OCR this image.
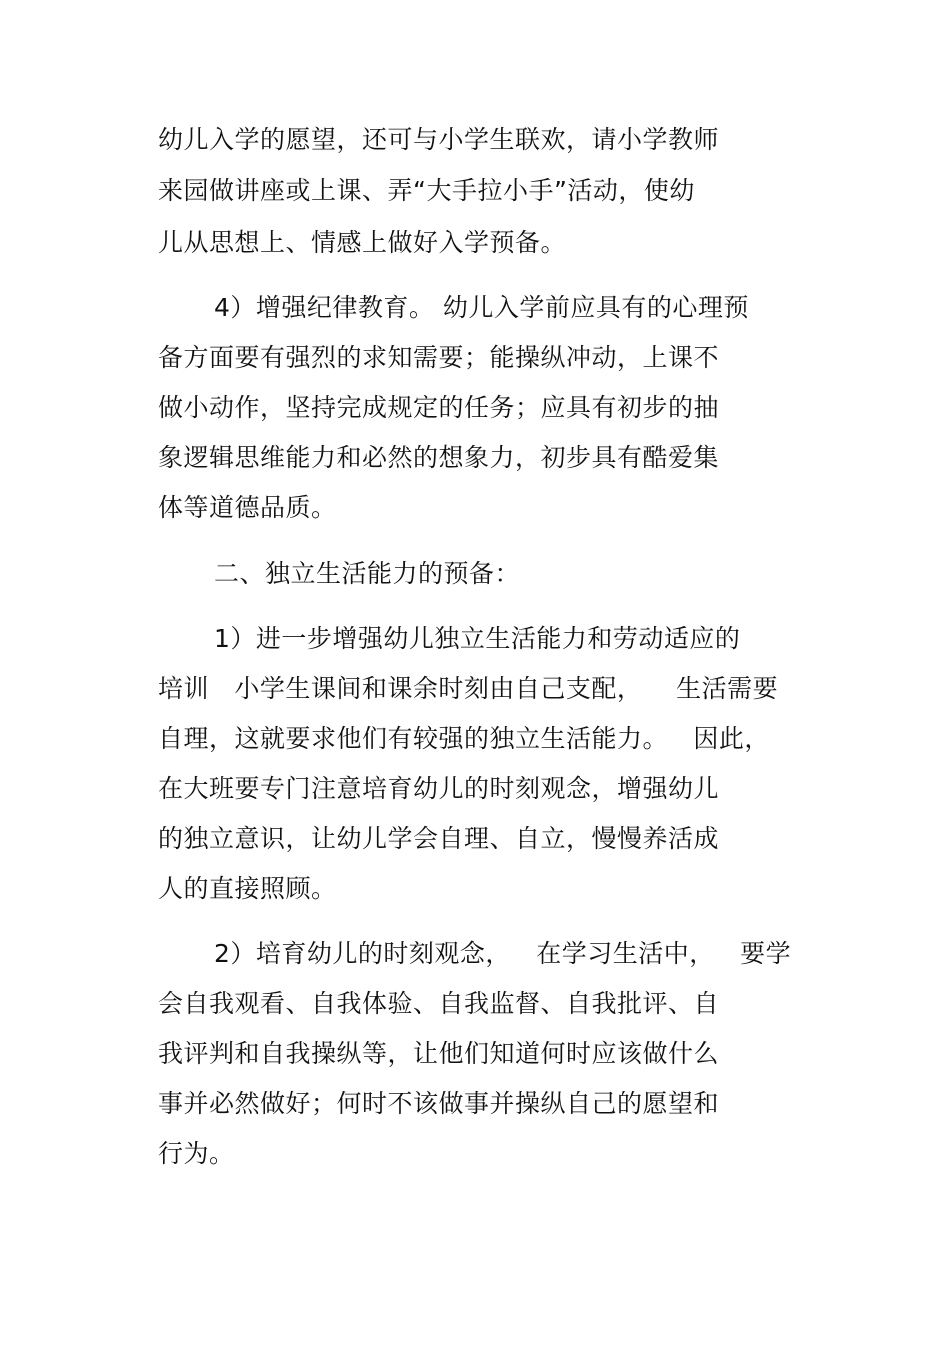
幼儿入学的愿望，还可与小学生联欢，请小学教师
来园做讲座或上课、弄“大手拉小手”活动，使幼
儿从思想上、情感上做好入学预备。
4）增强纪律教育。 幼儿入学前应具有的心理预
备方面要有强烈的求知需要；能操纵冲动，上课不
做小动作，坚持完成规定的任务；应具有初步的抽
象逻辑思维能力和必然的想象力，初步具有酷爱集
体等道德品质。
二、独立生活能力的预备：
1）进一步增强幼儿独立生活能力和劳动适应的
培训   小学生课间和课余时刻由自己支配，    生活需要
自理，这就要求他们有较强的独立生活能力。   因此，
在大班要专门注意培育幼儿的时刻观念，增强幼儿
的独立意识，让幼儿学会自理、自立，慢慢养活成
人的直接照顾。
2）培育幼儿的时刻观念，   在学习生活中，   要学
会自我观看、自我体验、自我监督、自我批评、自
我评判和自我操纵等，让他们知道何时应该做什么
事并必然做好；何时不该做事并操纵自己的愿望和
行为。
